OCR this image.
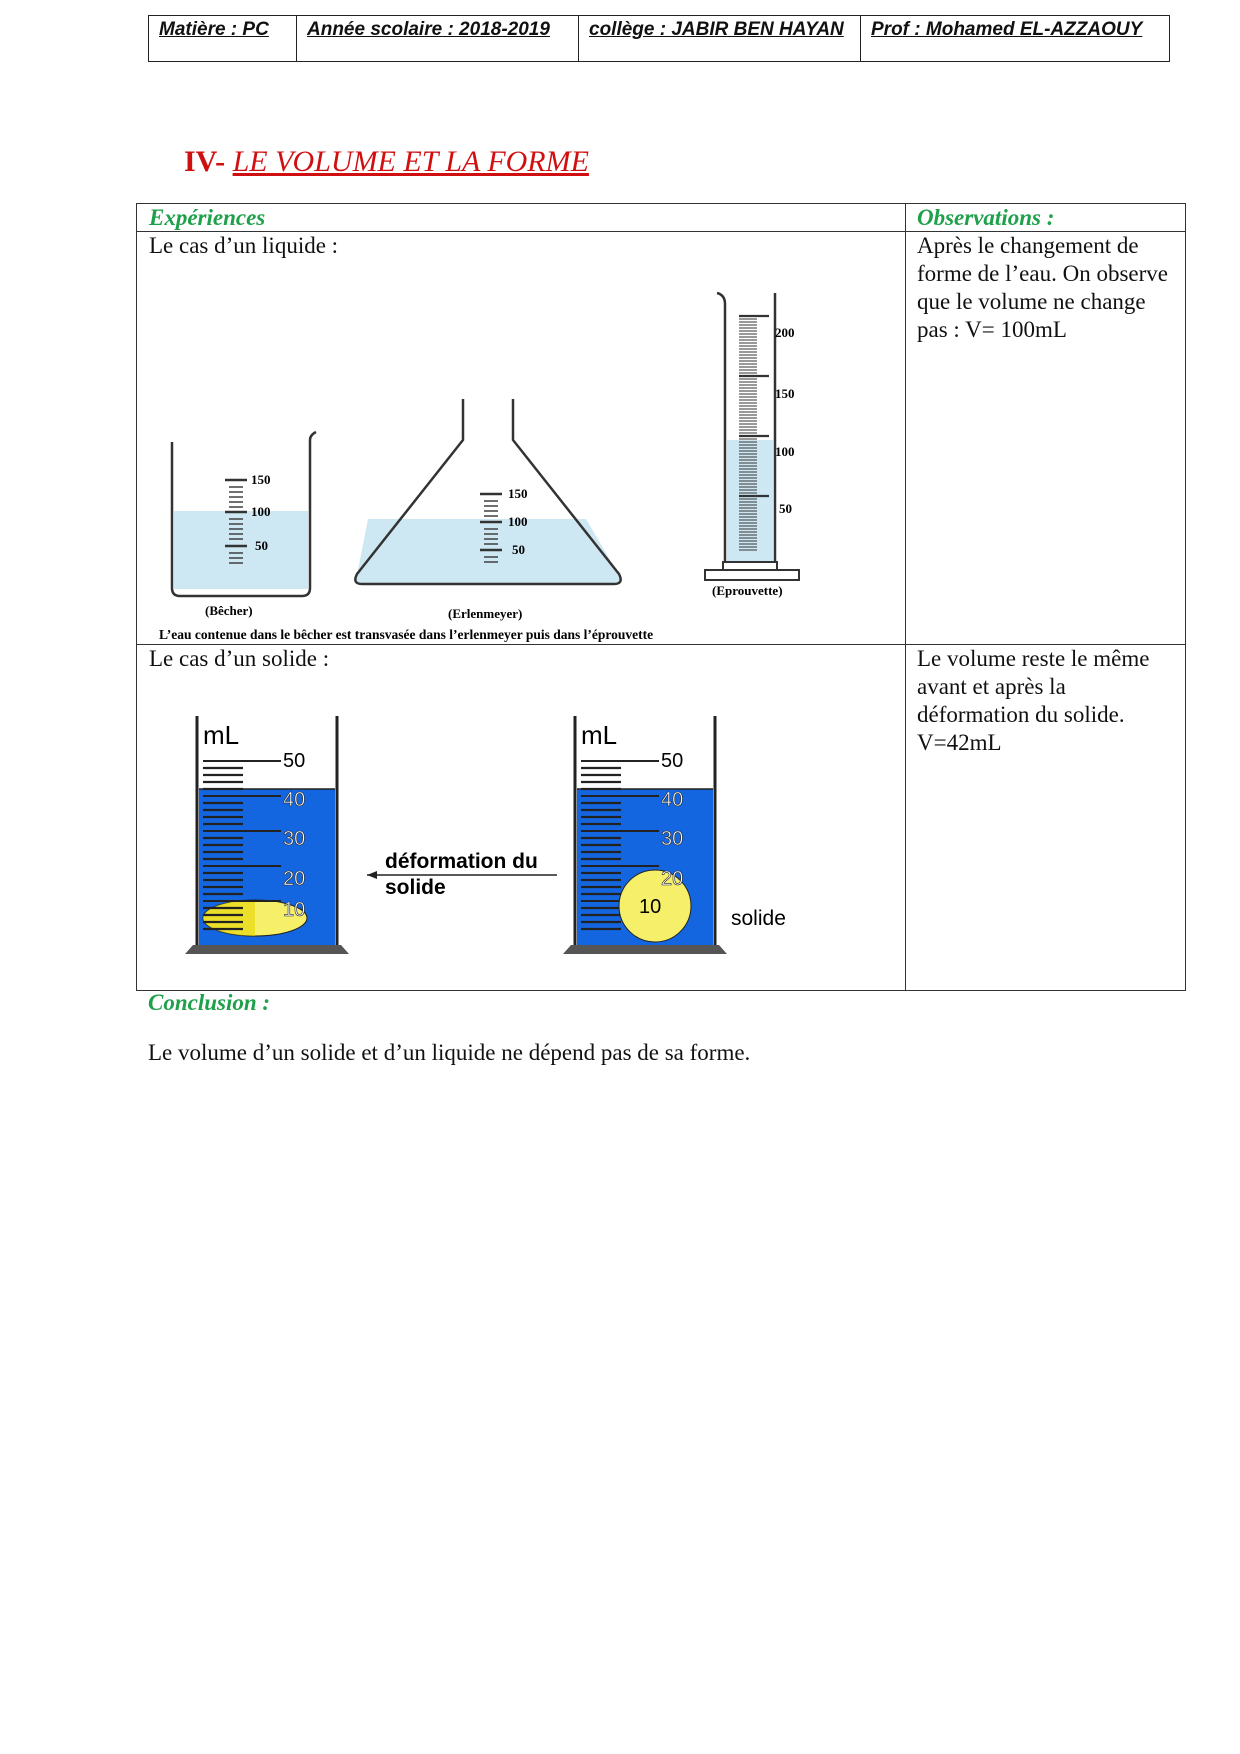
Matière : PC	Année scolaire : 2018-2019	collège : JABIR BEN HAYAN	Prof : Mohamed EL-AZZAOUY
IV- LE VOLUME ET LA FORME
Expériences	Observations :
Le cas d’un liquide :	Après le changement de forme de l’eau. On observe que le volume ne change pas : V= 100mL
150
100
50
(Bêcher)
150
100
50
(Erlenmeyer)
200
150
100
50
(Eprouvette)
L’eau contenue dans le bêcher est transvasée dans l’erlenmeyer puis dans l’éprouvette
Le cas d’un solide :	Le volume reste le même avant et après la déformation du solide. V=42mL
mL
50
40
30
20
10
déformation du
solide
10
mL
50
40
30
20
solide
Conclusion :
Le volume d’un solide et d’un liquide ne dépend pas de sa forme.
